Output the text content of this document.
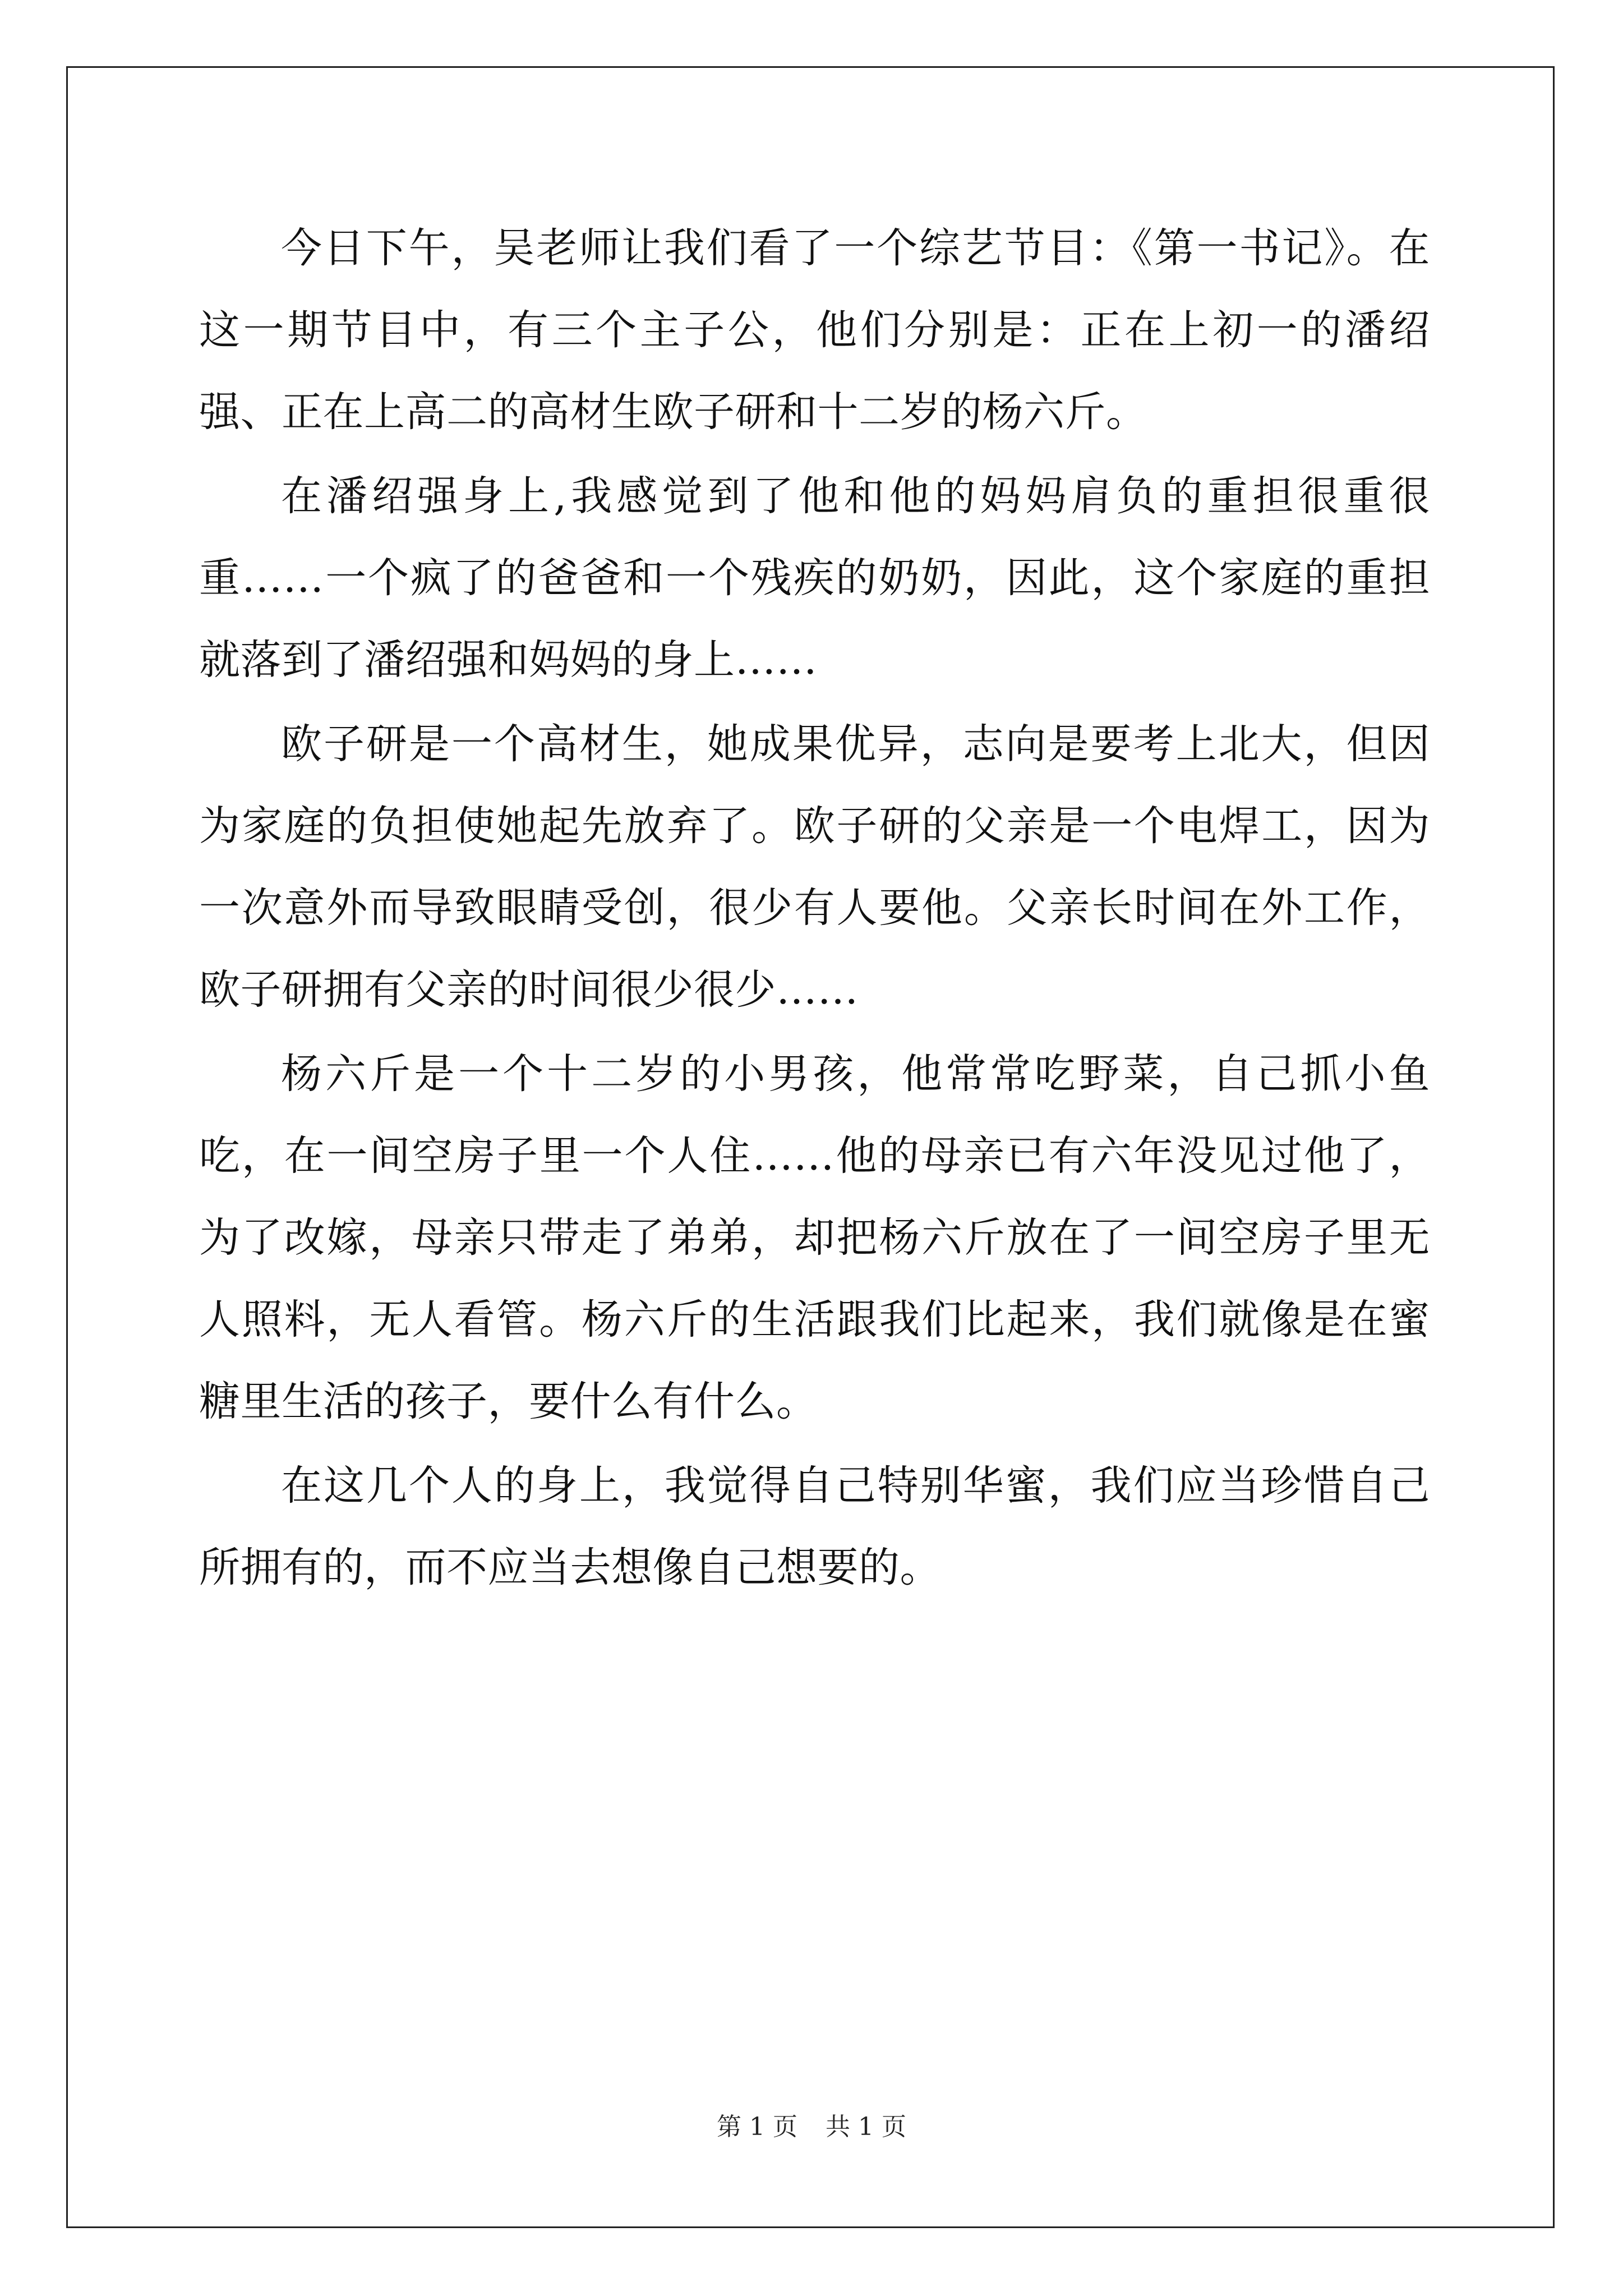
今日下午，吴老师让我们看了一个综艺节目：《第一书记》。在这一期节目中，有三个主子公，他们分别是：正在上初一的潘绍强、正在上高二的高材生欧子研和十二岁的杨六斤。

在潘绍强身上,我感觉到了他和他的妈妈肩负的重担很重很重……一个疯了的爸爸和一个残疾的奶奶，因此，这个家庭的重担就落到了潘绍强和妈妈的身上……

欧子研是一个高材生，她成果优异，志向是要考上北大，但因为家庭的负担使她起先放弃了。欧子研的父亲是一个电焊工，因为一次意外而导致眼睛受创，很少有人要他。父亲长时间在外工作，欧子研拥有父亲的时间很少很少……

杨六斤是一个十二岁的小男孩，他常常吃野菜，自己抓小鱼吃，在一间空房子里一个人住……他的母亲已有六年没见过他了，为了改嫁，母亲只带走了弟弟，却把杨六斤放在了一间空房子里无人照料，无人看管。杨六斤的生活跟我们比起来，我们就像是在蜜糖里生活的孩子，要什么有什么。

在这几个人的身上，我觉得自己特别华蜜，我们应当珍惜自己所拥有的，而不应当去想像自己想要的。

第 1 页 共 1 页
